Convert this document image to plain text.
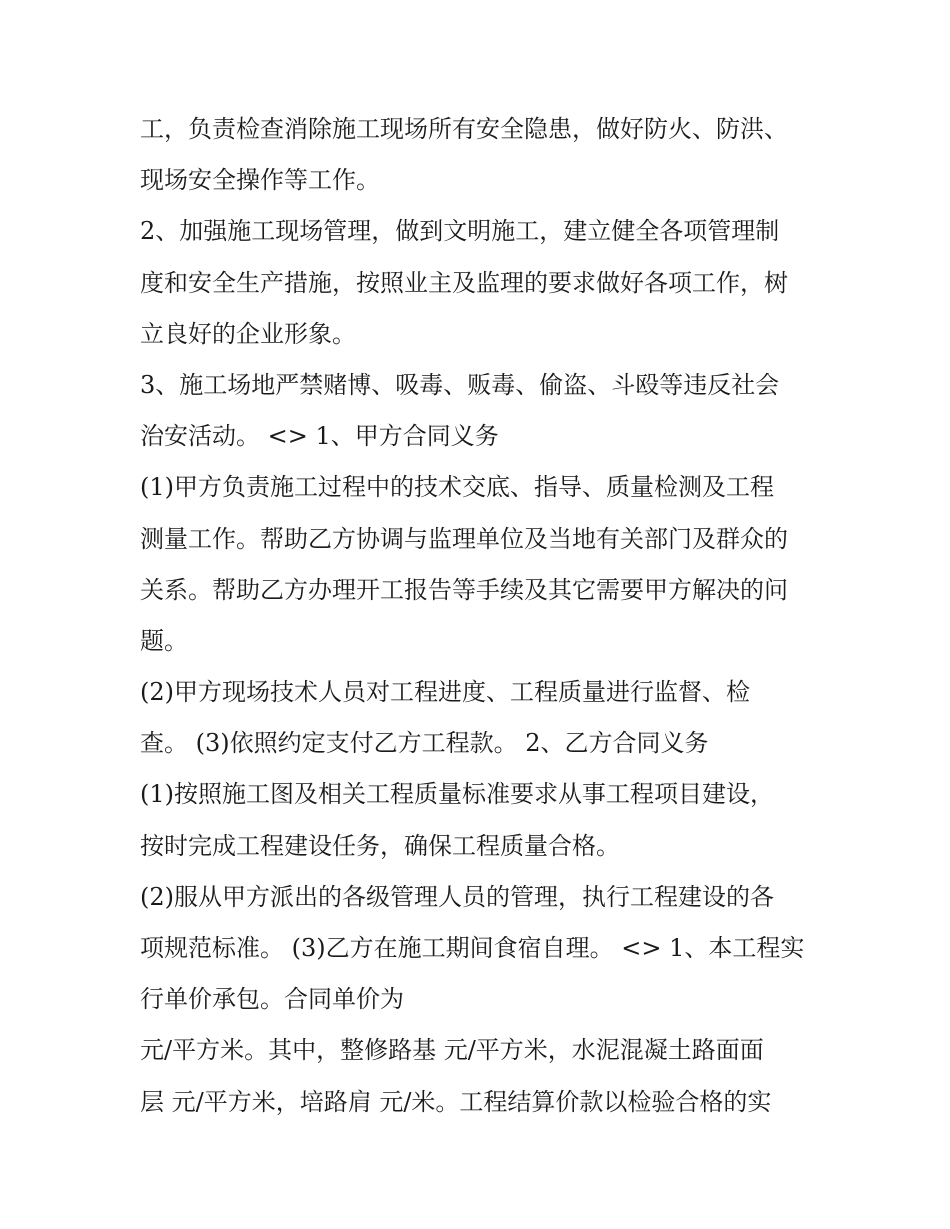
工，负责检查消除施工现场所有安全隐患，做好防火、防洪、
现场安全操作等工作。
2、加强施工现场管理，做到文明施工，建立健全各项管理制
度和安全生产措施，按照业主及监理的要求做好各项工作，树
立良好的企业形象。
3、施工场地严禁赌博、吸毒、贩毒、偷盗、斗殴等违反社会
治安活动。 <> 1、甲方合同义务
(1)甲方负责施工过程中的技术交底、指导、质量检测及工程
测量工作。帮助乙方协调与监理单位及当地有关部门及群众的
关系。帮助乙方办理开工报告等手续及其它需要甲方解决的问
题。
(2)甲方现场技术人员对工程进度、工程质量进行监督、检
查。 (3)依照约定支付乙方工程款。 2、乙方合同义务
(1)按照施工图及相关工程质量标准要求从事工程项目建设，
按时完成工程建设任务，确保工程质量合格。
(2)服从甲方派出的各级管理人员的管理，执行工程建设的各
项规范标准。 (3)乙方在施工期间食宿自理。 <> 1、本工程实
行单价承包。合同单价为
元/平方米。其中，整修路基 元/平方米，水泥混凝土路面面
层 元/平方米，培路肩 元/米。工程结算价款以检验合格的实
